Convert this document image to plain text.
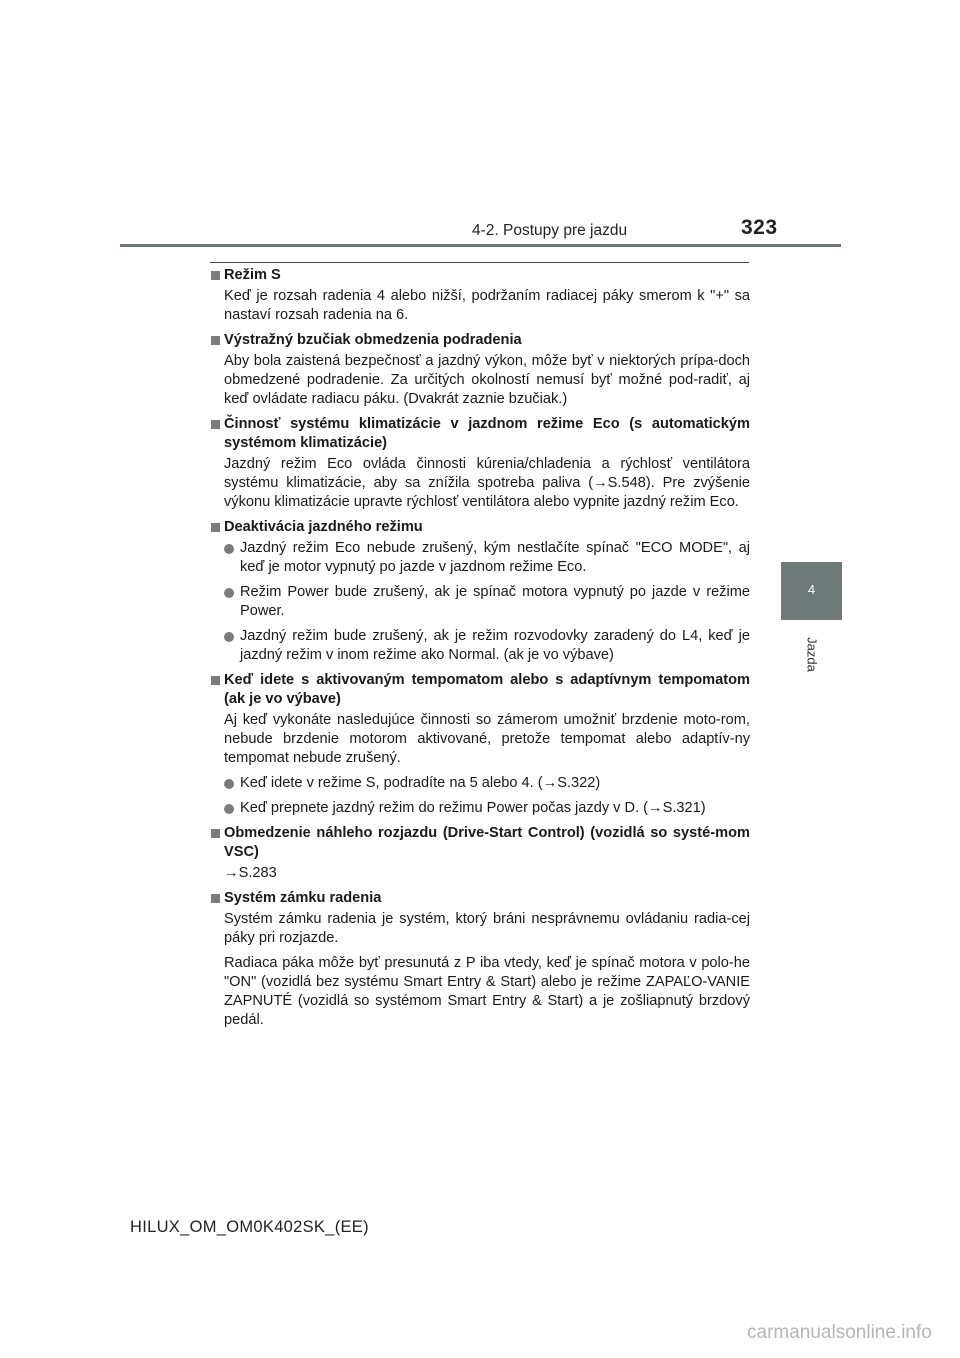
4-2. Postupy pre jazdu	323
4
Jazda
Režim S
Keď je rozsah radenia 4 alebo nižší, podržaním radiacej páky smerom k "+" sa nastaví rozsah radenia na 6.
Výstražný bzučiak obmedzenia podradenia
Aby bola zaistená bezpečnosť a jazdný výkon, môže byť v niektorých prípa-doch obmedzené podradenie. Za určitých okolností nemusí byť možné pod-radiť, aj keď ovládate radiacu páku. (Dvakrát zaznie bzučiak.)
Činnosť systému klimatizácie v jazdnom režime Eco (s automatickým systémom klimatizácie)
Jazdný režim Eco ovláda činnosti kúrenia/chladenia a rýchlosť ventilátora systému klimatizácie, aby sa znížila spotreba paliva (→S.548). Pre zvýšenie výkonu klimatizácie upravte rýchlosť ventilátora alebo vypnite jazdný režim Eco.
Deaktivácia jazdného režimu
Jazdný režim Eco nebude zrušený, kým nestlačíte spínač "ECO MODE", aj keď je motor vypnutý po jazde v jazdnom režime Eco.
Režim Power bude zrušený, ak je spínač motora vypnutý po jazde v režime Power.
Jazdný režim bude zrušený, ak je režim rozvodovky zaradený do L4, keď je jazdný režim v inom režime ako Normal. (ak je vo výbave)
Keď idete s aktivovaným tempomatom alebo s adaptívnym tempomatom (ak je vo výbave)
Aj keď vykonáte nasledujúce činnosti so zámerom umožniť brzdenie moto-rom, nebude brzdenie motorom aktivované, pretože tempomat alebo adaptív-ny tempomat nebude zrušený.
Keď idete v režime S, podradíte na 5 alebo 4. (→S.322)
Keď prepnete jazdný režim do režimu Power počas jazdy v D. (→S.321)
Obmedzenie náhleho rozjazdu (Drive-Start Control) (vozidlá so systé-mom VSC)
→S.283
Systém zámku radenia
Systém zámku radenia je systém, ktorý bráni nesprávnemu ovládaniu radia-cej páky pri rozjazde.
Radiaca páka môže byť presunutá z P iba vtedy, keď je spínač motora v polo-he "ON" (vozidlá bez systému Smart Entry & Start) alebo je režime ZAPAĽO-VANIE ZAPNUTÉ (vozidlá so systémom Smart Entry & Start) a je zošliapnutý brzdový pedál.
HILUX_OM_OM0K402SK_(EE)
carmanualsonline.info
